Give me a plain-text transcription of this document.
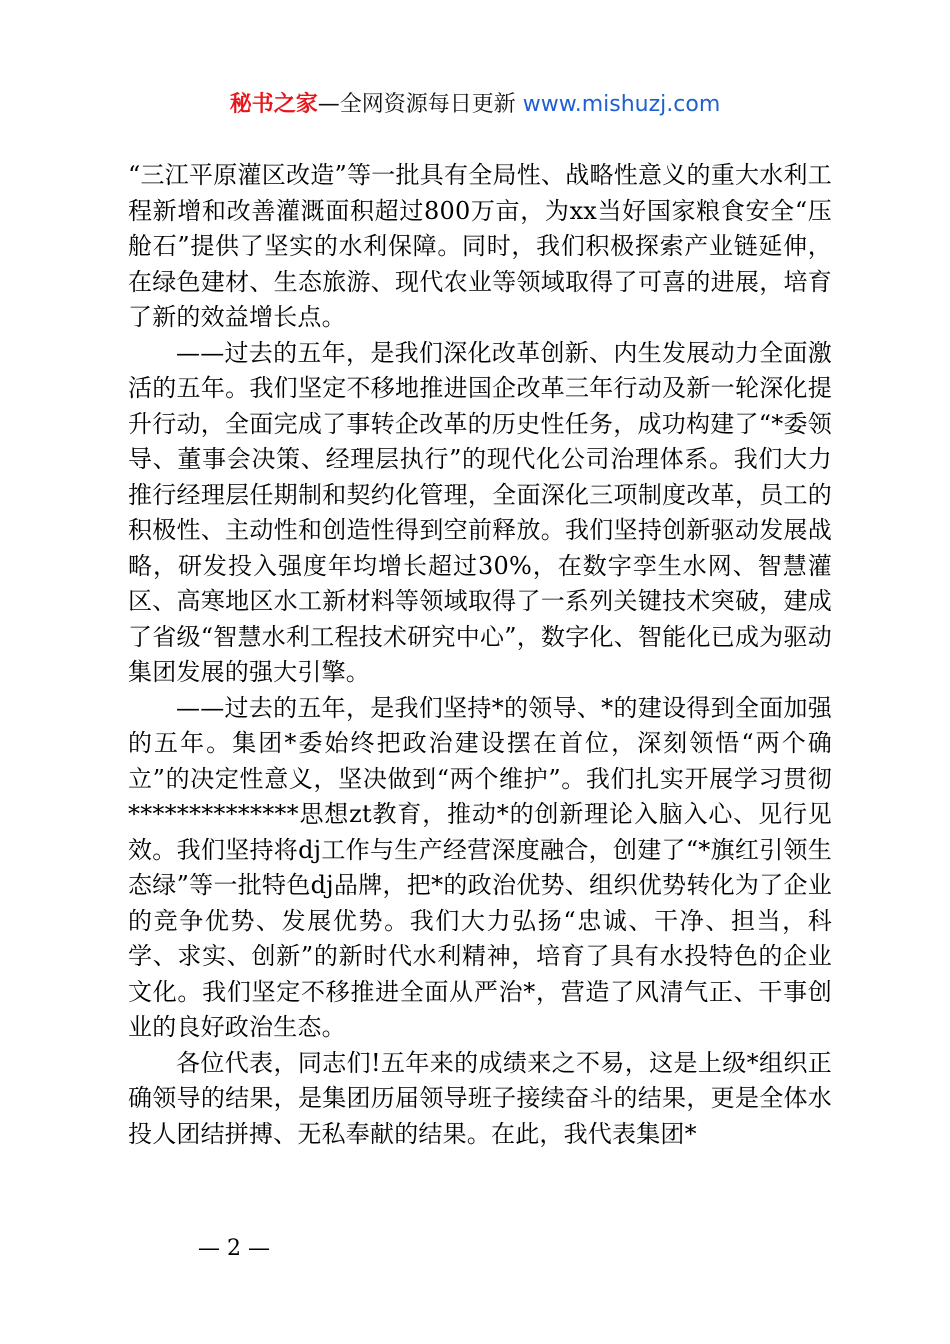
秘书之家—全网资源每日更新 www.mishuzj.com

“三江平原灌区改造”等一批具有全局性、战略性意义的重大水利工程新增和改善灌溉面积超过800万亩，为xx当好国家粮食安全“压舱石”提供了坚实的水利保障。同时，我们积极探索产业链延伸，在绿色建材、生态旅游、现代农业等领域取得了可喜的进展，培育了新的效益增长点。

——过去的五年，是我们深化改革创新、内生发展动力全面激活的五年。我们坚定不移地推进国企改革三年行动及新一轮深化提升行动，全面完成了事转企改革的历史性任务，成功构建了“*委领导、董事会决策、经理层执行”的现代化公司治理体系。我们大力推行经理层任期制和契约化管理，全面深化三项制度改革，员工的积极性、主动性和创造性得到空前释放。我们坚持创新驱动发展战略，研发投入强度年均增长超过30%，在数字孪生水网、智慧灌区、高寒地区水工新材料等领域取得了一系列关键技术突破，建成了省级“智慧水利工程技术研究中心”，数字化、智能化已成为驱动集团发展的强大引擎。

——过去的五年，是我们坚持*的领导、*的建设得到全面加强的五年。集团*委始终把政治建设摆在首位，深刻领悟“两个确立”的决定性意义，坚决做到“两个维护”。我们扎实开展学习贯彻**************思想zt教育，推动*的创新理论入脑入心、见行见效。我们坚持将dj工作与生产经营深度融合，创建了“*旗红引领生态绿”等一批特色dj品牌，把*的政治优势、组织优势转化为了企业的竞争优势、发展优势。我们大力弘扬“忠诚、干净、担当，科学、求实、创新”的新时代水利精神，培育了具有水投特色的企业文化。我们坚定不移推进全面从严治*，营造了风清气正、干事创业的良好政治生态。

各位代表，同志们!五年来的成绩来之不易，这是上级*组织正确领导的结果，是集团历届领导班子接续奋斗的结果，更是全体水投人团结拼搏、无私奉献的结果。在此，我代表集团*

— 2 —
